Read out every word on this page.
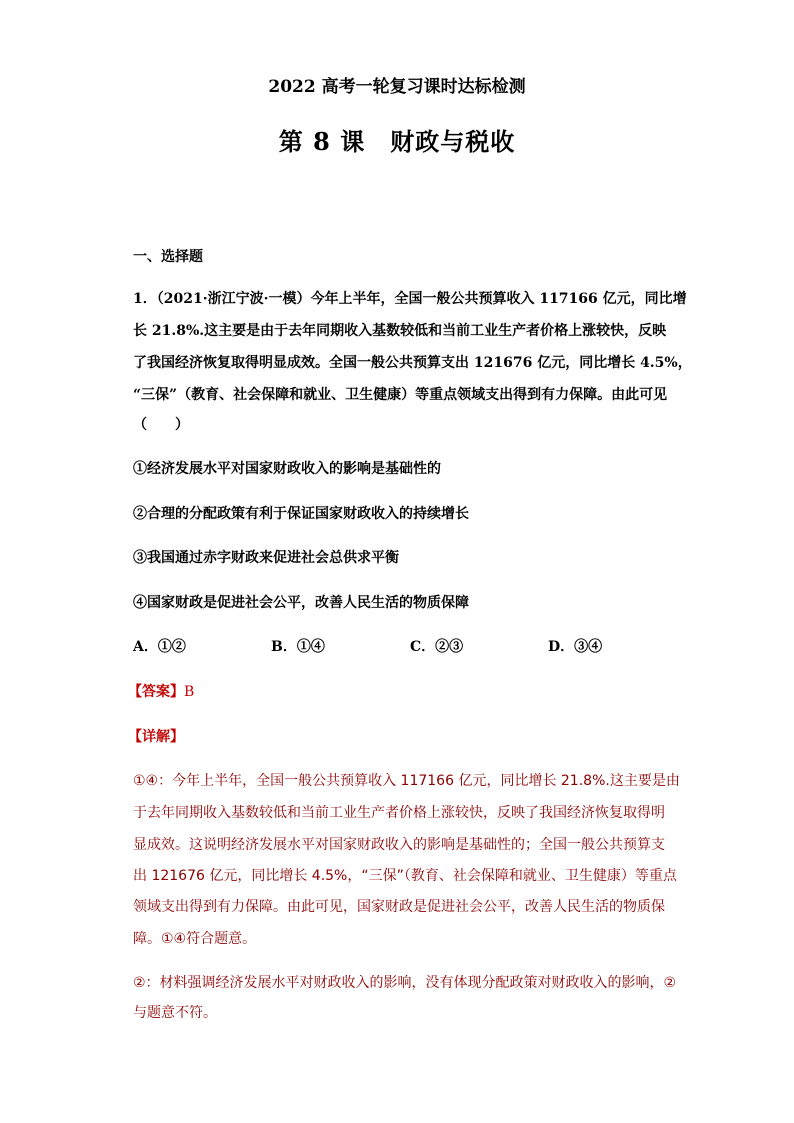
2022 高考一轮复习课时达标检测
第 8 课　财政与税收
一、选择题
1．（2021·浙江宁波·一模）今年上半年，全国一般公共预算收入 117166 亿元，同比增
长 21.8%.这主要是由于去年同期收入基数较低和当前工业生产者价格上涨较快，反映
了我国经济恢复取得明显成效。全国一般公共预算支出 121676 亿元，同比增长 4.5%，
“三保”（教育、社会保障和就业、卫生健康）等重点领域支出得到有力保障。由此可见
（　　）
①经济发展水平对国家财政收入的影响是基础性的
②合理的分配政策有利于保证国家财政收入的持续增长
③我国通过赤字财政来促进社会总供求平衡
④国家财政是促进社会公平，改善人民生活的物质保障
A．①②	B．①④	C．②③	D．③④
【答案】B
【详解】
①④：今年上半年，全国一般公共预算收入 117166 亿元，同比增长 21.8%.这主要是由
于去年同期收入基数较低和当前工业生产者价格上涨较快，反映了我国经济恢复取得明
显成效。这说明经济发展水平对国家财政收入的影响是基础性的；全国一般公共预算支
出 121676 亿元，同比增长 4.5%，“三保”（教育、社会保障和就业、卫生健康）等重点
领域支出得到有力保障。由此可见，国家财政是促进社会公平，改善人民生活的物质保
障。①④符合题意。
②：材料强调经济发展水平对财政收入的影响，没有体现分配政策对财政收入的影响，②
与题意不符。
